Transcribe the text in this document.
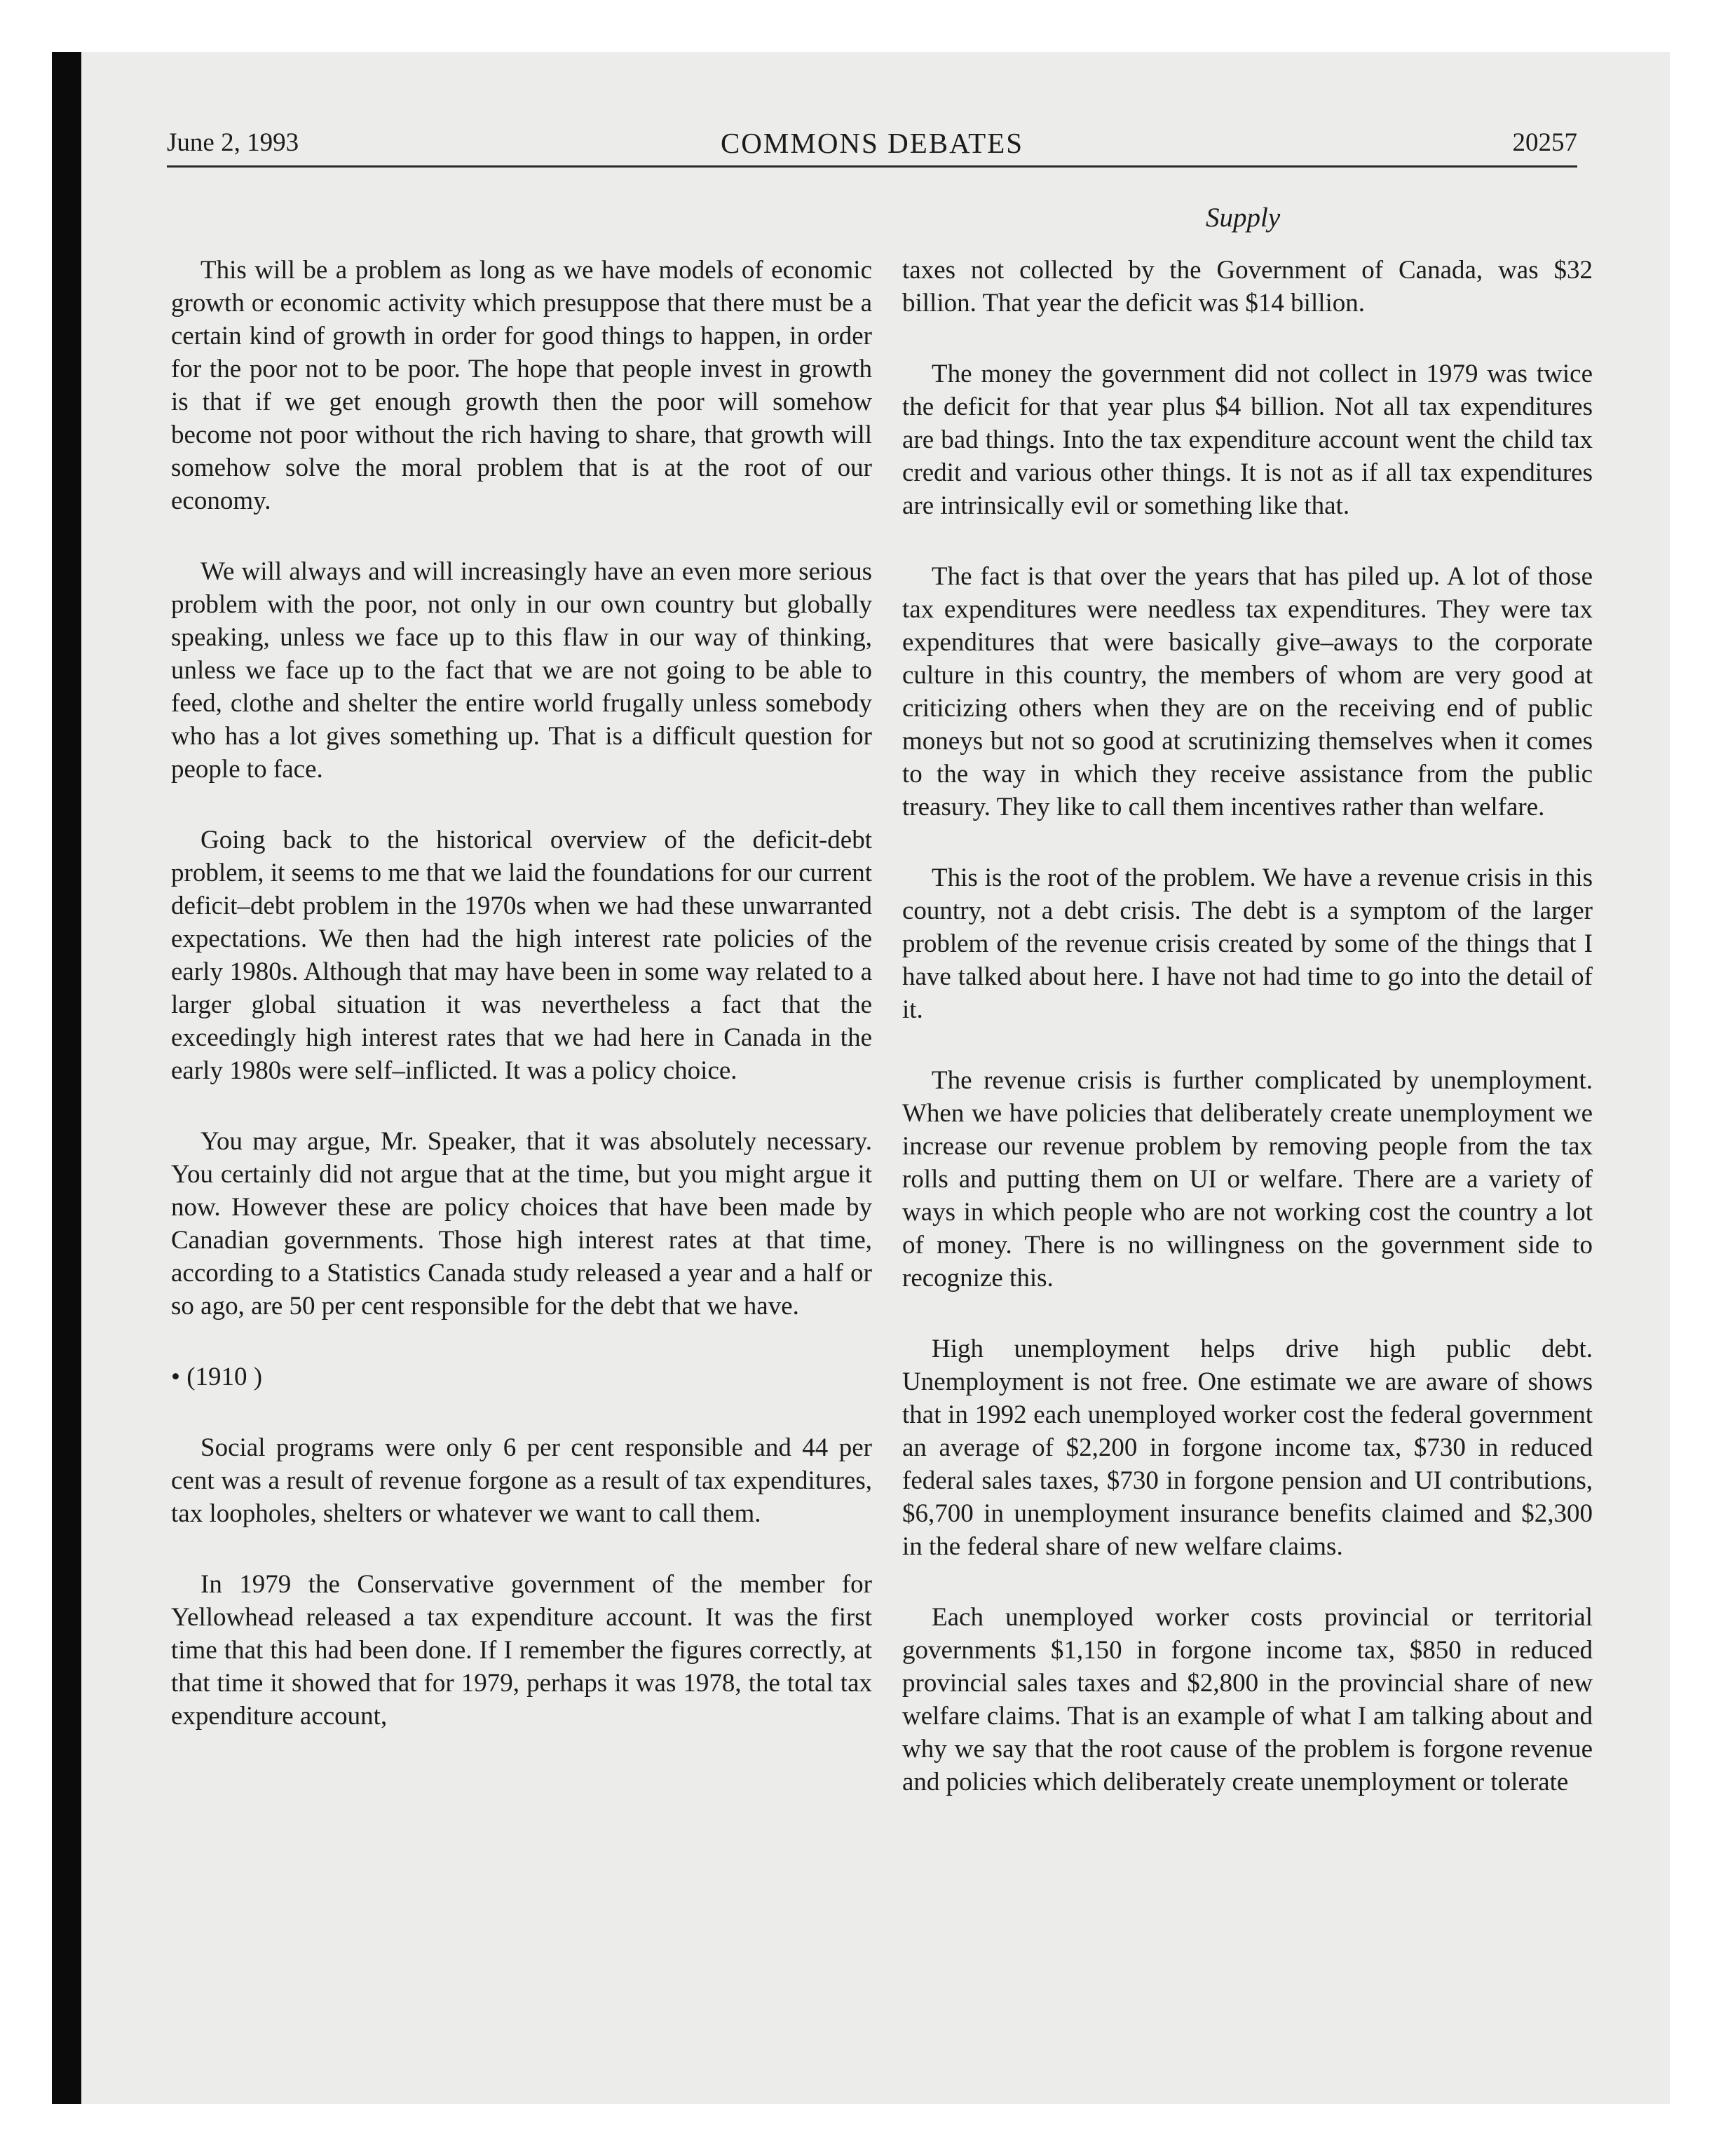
June 2, 1993	COMMONS DEBATES	20257
Supply

This will be a problem as long as we have models of economic growth or economic activity which presuppose that there must be a certain kind of growth in order for good things to happen, in order for the poor not to be poor. The hope that people invest in growth is that if we get enough growth then the poor will somehow become not poor without the rich having to share, that growth will somehow solve the moral problem that is at the root of our economy.

We will always and will increasingly have an even more serious problem with the poor, not only in our own country but globally speaking, unless we face up to this flaw in our way of thinking, unless we face up to the fact that we are not going to be able to feed, clothe and shelter the entire world frugally unless somebody who has a lot gives something up. That is a difficult question for people to face.

Going back to the historical overview of the deficit-debt problem, it seems to me that we laid the foundations for our current deficit–debt problem in the 1970s when we had these unwarranted expectations. We then had the high interest rate policies of the early 1980s. Although that may have been in some way related to a larger global situation it was nevertheless a fact that the exceedingly high interest rates that we had here in Canada in the early 1980s were self–inflicted. It was a policy choice.

You may argue, Mr. Speaker, that it was absolutely necessary. You certainly did not argue that at the time, but you might argue it now. However these are policy choices that have been made by Canadian governments. Those high interest rates at that time, according to a Statistics Canada study released a year and a half or so ago, are 50 per cent responsible for the debt that we have.

• (1910 )

Social programs were only 6 per cent responsible and 44 per cent was a result of revenue forgone as a result of tax expenditures, tax loopholes, shelters or whatever we want to call them.

In 1979 the Conservative government of the member for Yellowhead released a tax expenditure account. It was the first time that this had been done. If I remember the figures correctly, at that time it showed that for 1979, perhaps it was 1978, the total tax expenditure account,

taxes not collected by the Government of Canada, was $32 billion. That year the deficit was $14 billion.

The money the government did not collect in 1979 was twice the deficit for that year plus $4 billion. Not all tax expenditures are bad things. Into the tax expenditure account went the child tax credit and various other things. It is not as if all tax expenditures are intrinsically evil or something like that.

The fact is that over the years that has piled up. A lot of those tax expenditures were needless tax expenditures. They were tax expenditures that were basically give–aways to the corporate culture in this country, the members of whom are very good at criticizing others when they are on the receiving end of public moneys but not so good at scrutinizing themselves when it comes to the way in which they receive assistance from the public treasury. They like to call them incentives rather than welfare.

This is the root of the problem. We have a revenue crisis in this country, not a debt crisis. The debt is a symptom of the larger problem of the revenue crisis created by some of the things that I have talked about here. I have not had time to go into the detail of it.

The revenue crisis is further complicated by unemployment. When we have policies that deliberately create unemployment we increase our revenue problem by removing people from the tax rolls and putting them on UI or welfare. There are a variety of ways in which people who are not working cost the country a lot of money. There is no willingness on the government side to recognize this.

High unemployment helps drive high public debt. Unemployment is not free. One estimate we are aware of shows that in 1992 each unemployed worker cost the federal government an average of $2,200 in forgone income tax, $730 in reduced federal sales taxes, $730 in forgone pension and UI contributions, $6,700 in unemployment insurance benefits claimed and $2,300 in the federal share of new welfare claims.

Each unemployed worker costs provincial or territorial governments $1,150 in forgone income tax, $850 in reduced provincial sales taxes and $2,800 in the provincial share of new welfare claims. That is an example of what I am talking about and why we say that the root cause of the problem is forgone revenue and policies which deliberately create unemployment or tolerate
